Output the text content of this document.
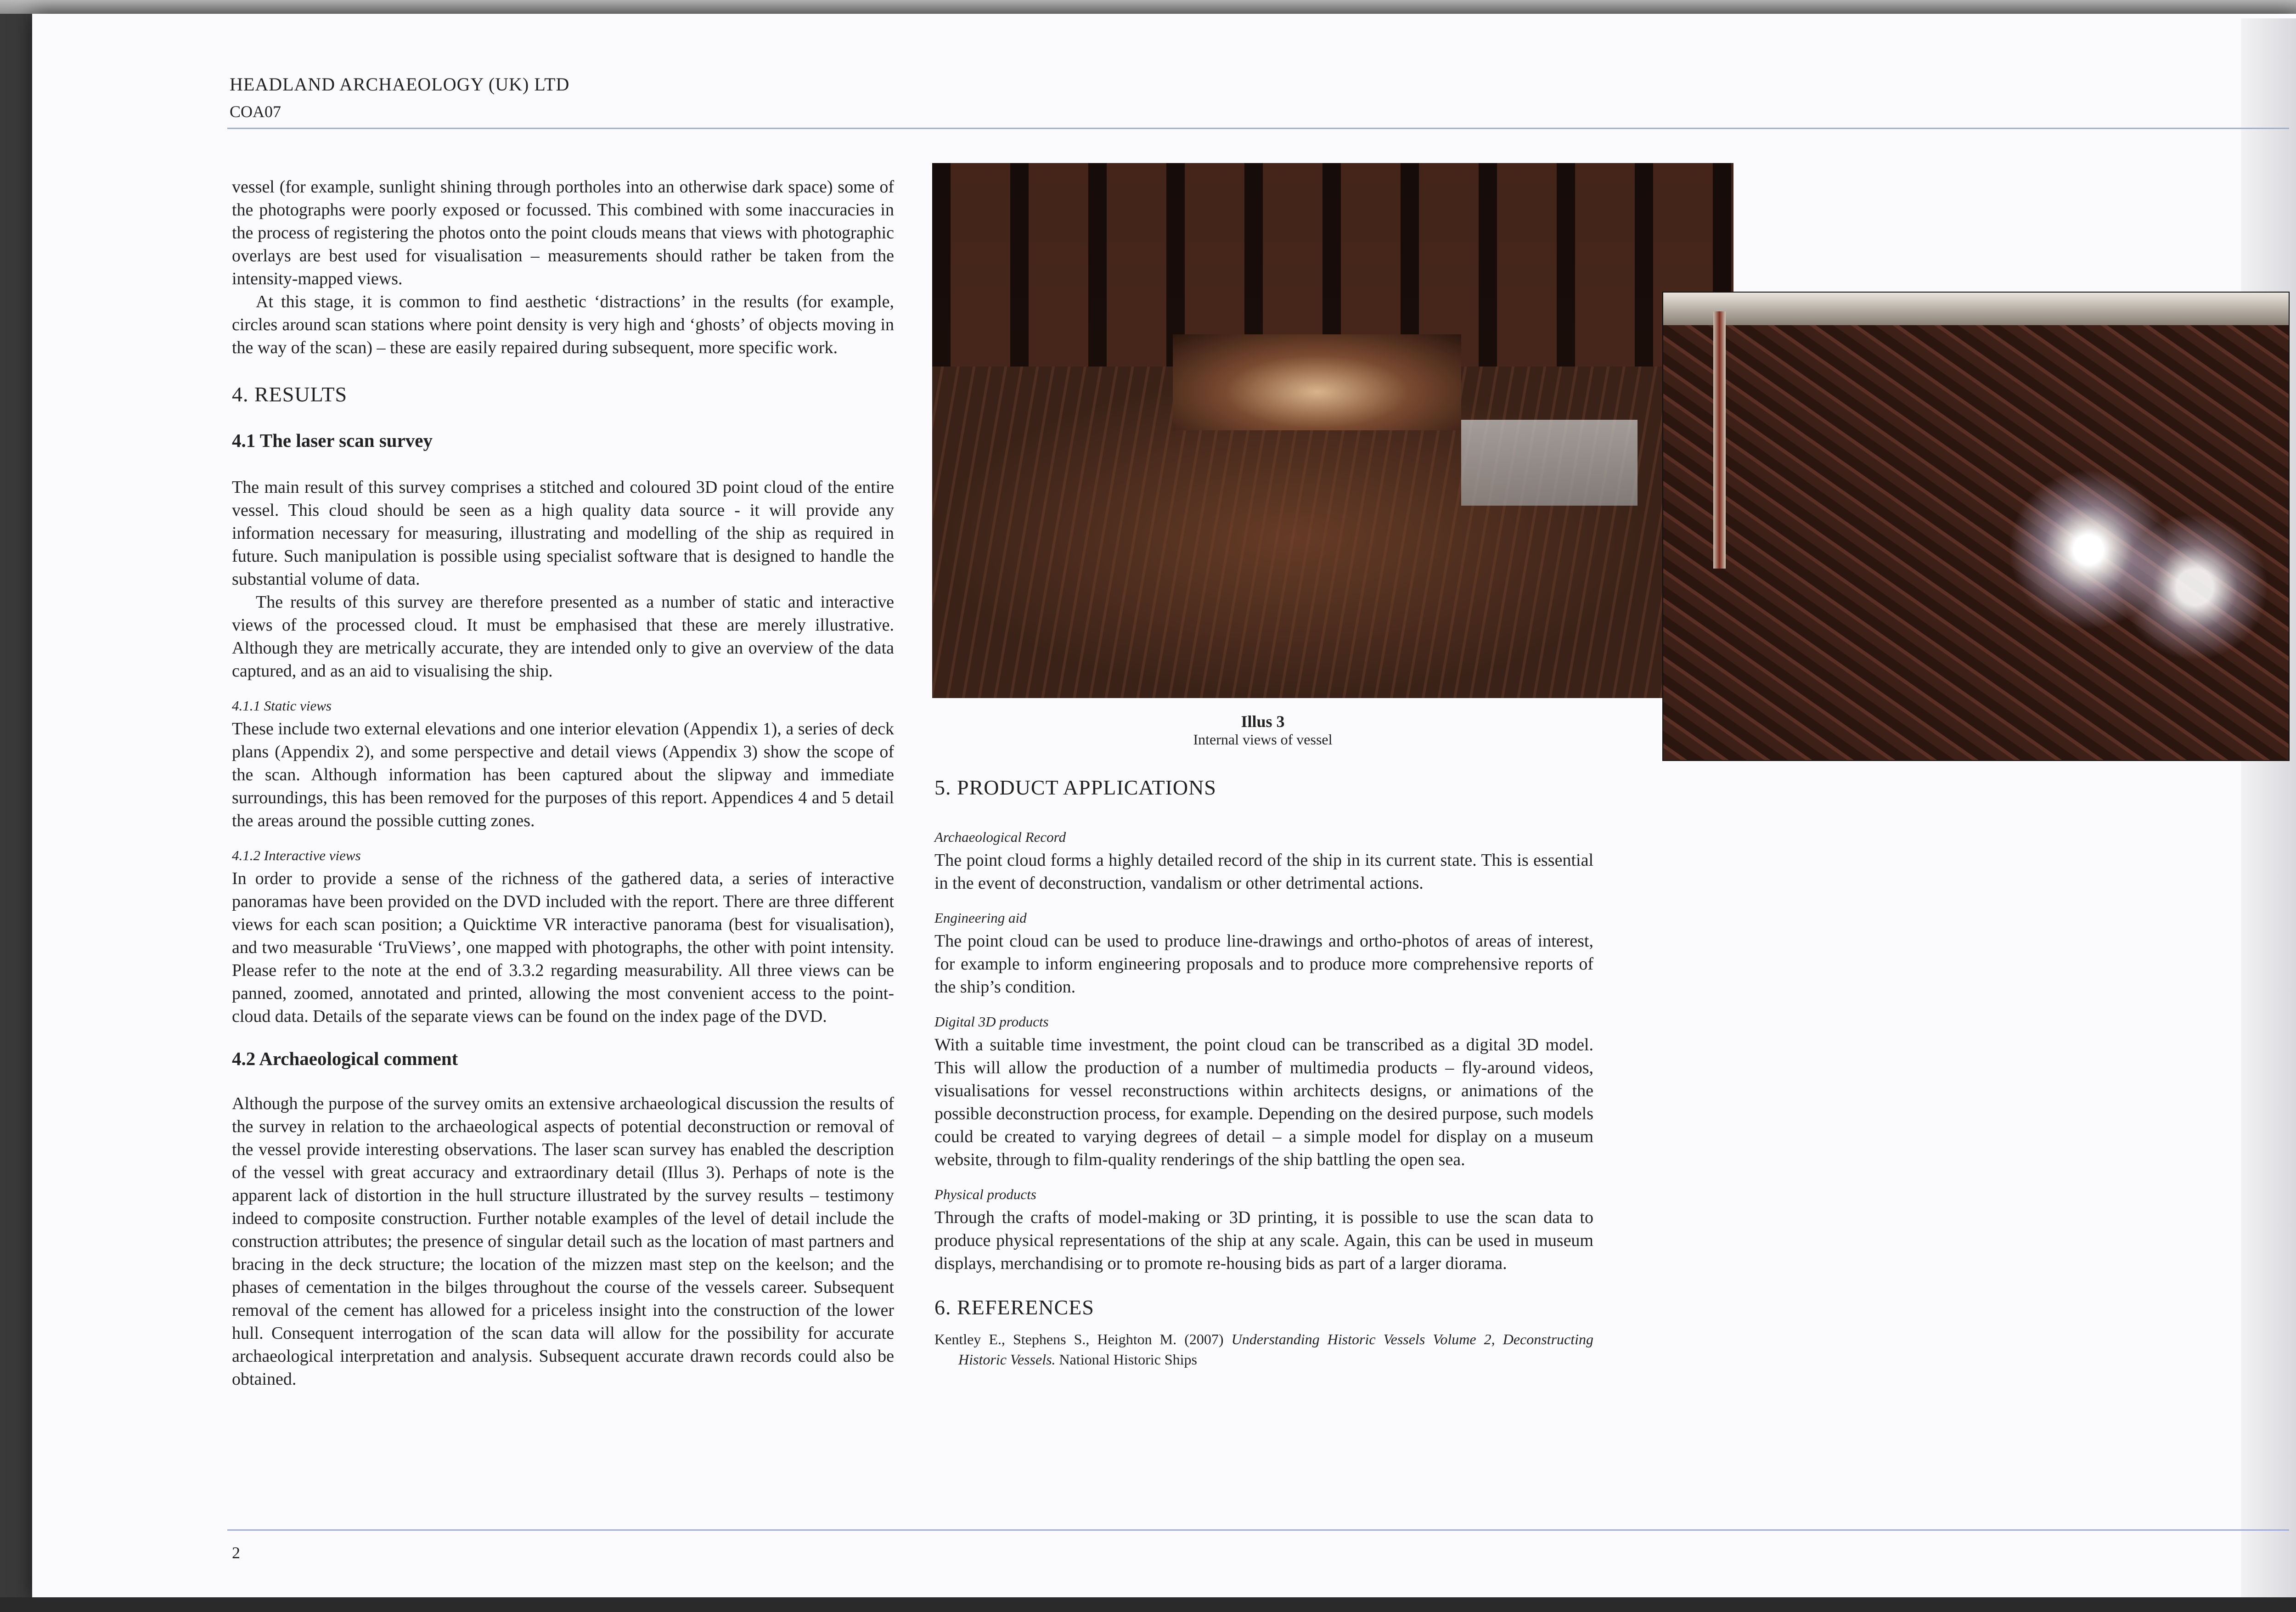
HEADLAND ARCHAEOLOGY (UK) LTD
COA07

vessel (for example, sunlight shining through portholes into an otherwise dark space) some of the photographs were poorly exposed or focussed. This combined with some inaccuracies in the process of registering the photos onto the point clouds means that views with photographic overlays are best used for visualisation – measurements should rather be taken from the intensity-mapped views.

At this stage, it is common to find aesthetic ‘distractions’ in the results (for example, circles around scan stations where point density is very high and ‘ghosts’ of objects moving in the way of the scan) – these are easily repaired during subsequent, more specific work.

4. RESULTS

4.1 The laser scan survey

The main result of this survey comprises a stitched and coloured 3D point cloud of the entire vessel. This cloud should be seen as a high quality data source - it will provide any information necessary for measuring, illustrating and modelling of the ship as required in future. Such manipulation is possible using specialist software that is designed to handle the substantial volume of data.

The results of this survey are therefore presented as a number of static and interactive views of the processed cloud. It must be emphasised that these are merely illustrative. Although they are metrically accurate, they are intended only to give an overview of the data captured, and as an aid to visualising the ship.

4.1.1 Static views

These include two external elevations and one interior elevation (Appendix 1), a series of deck plans (Appendix 2), and some perspective and detail views (Appendix 3) show the scope of the scan. Although information has been captured about the slipway and immediate surroundings, this has been removed for the purposes of this report. Appendices 4 and 5 detail the areas around the possible cutting zones.

4.1.2 Interactive views

In order to provide a sense of the richness of the gathered data, a series of interactive panoramas have been provided on the DVD included with the report. There are three different views for each scan position; a Quicktime VR interactive panorama (best for visualisation), and two measurable ‘TruViews’, one mapped with photographs, the other with point intensity. Please refer to the note at the end of 3.3.2 regarding measurability. All three views can be panned, zoomed, annotated and printed, allowing the most convenient access to the point-cloud data. Details of the separate views can be found on the index page of the DVD.

4.2 Archaeological comment

Although the purpose of the survey omits an extensive archaeological discussion the results of the survey in relation to the archaeological aspects of potential deconstruction or removal of the vessel provide interesting observations. The laser scan survey has enabled the description of the vessel with great accuracy and extraordinary detail (Illus 3). Perhaps of note is the apparent lack of distortion in the hull structure illustrated by the survey results – testimony indeed to composite construction. Further notable examples of the level of detail include the construction attributes; the presence of singular detail such as the location of mast partners and bracing in the deck structure; the location of the mizzen mast step on the keelson; and the phases of cementation in the bilges throughout the course of the vessels career. Subsequent removal of the cement has allowed for a priceless insight into the construction of the lower hull. Consequent interrogation of the scan data will allow for the possibility for accurate archaeological interpretation and analysis. Subsequent accurate drawn records could also be obtained.

Illus 3
Internal views of vessel

5. PRODUCT APPLICATIONS

Archaeological Record

The point cloud forms a highly detailed record of the ship in its current state. This is essential in the event of deconstruction, vandalism or other detrimental actions.

Engineering aid

The point cloud can be used to produce line-drawings and ortho-photos of areas of interest, for example to inform engineering proposals and to produce more comprehensive reports of the ship’s condition.

Digital 3D products

With a suitable time investment, the point cloud can be transcribed as a digital 3D model. This will allow the production of a number of multimedia products – fly-around videos, visualisations for vessel reconstructions within architects designs, or animations of the possible deconstruction process, for example. Depending on the desired purpose, such models could be created to varying degrees of detail – a simple model for display on a museum website, through to film-quality renderings of the ship battling the open sea.

Physical products

Through the crafts of model-making or 3D printing, it is possible to use the scan data to produce physical representations of the ship at any scale. Again, this can be used in museum displays, merchandising or to promote re-housing bids as part of a larger diorama.

6. REFERENCES

Kentley E., Stephens S., Heighton M. (2007) Understanding Historic Vessels Volume 2, Deconstructing Historic Vessels. National Historic Ships

2
